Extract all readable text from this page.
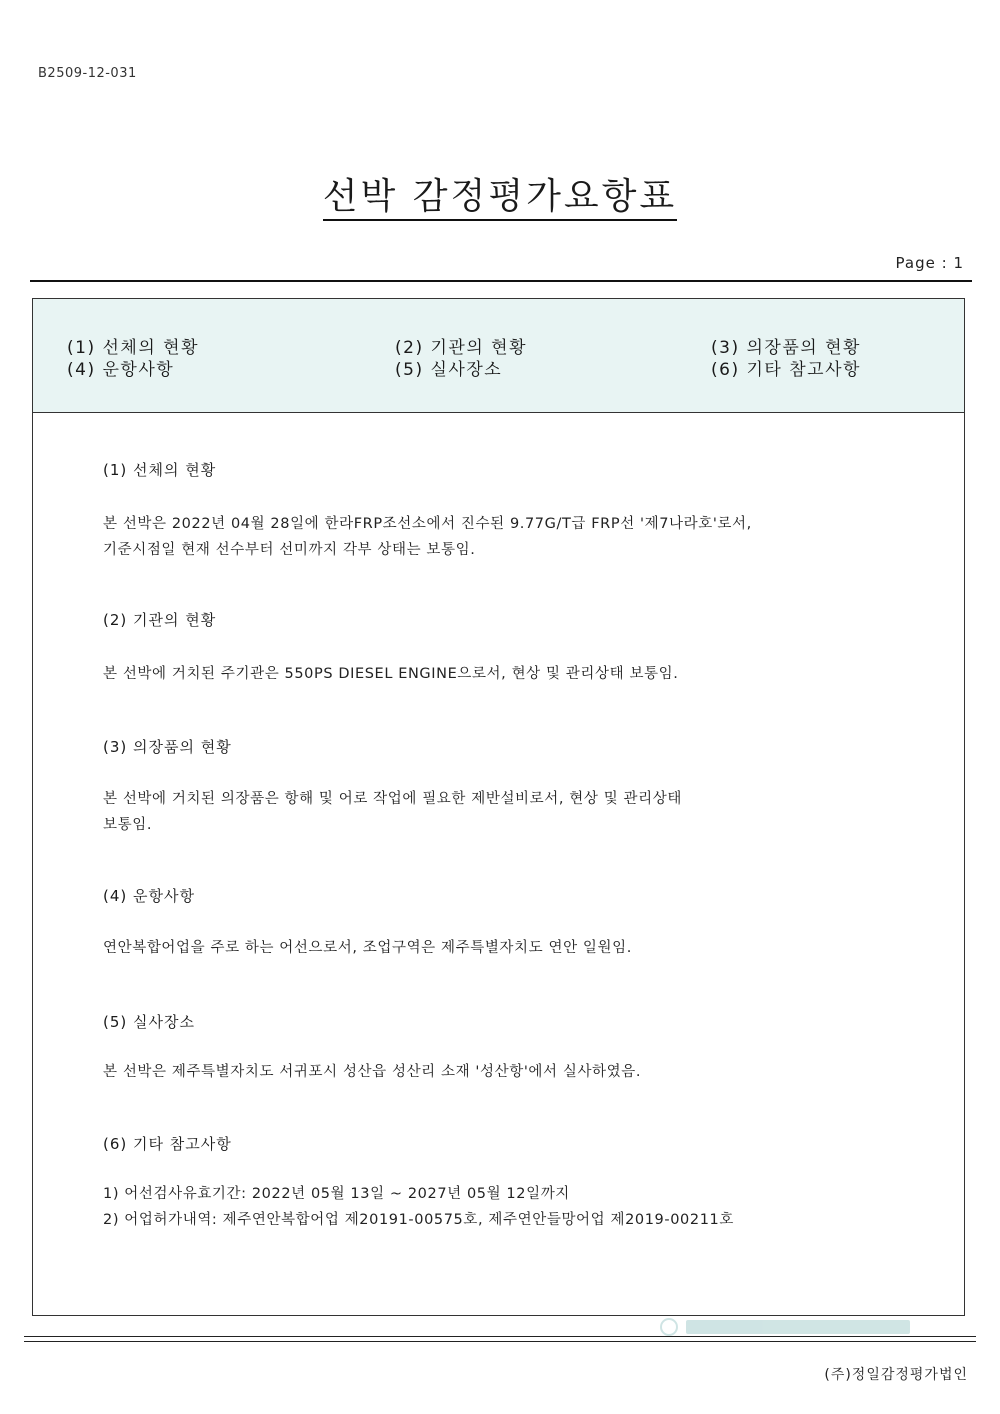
B2509-12-031
선박 감정평가요항표
Page : 1
(1) 선체의 현황	(2) 기관의 현황	(3) 의장품의 현황
(4) 운항사항	(5) 실사장소	(6) 기타 참고사항
(1) 선체의 현황
본 선박은 2022년 04월 28일에 한라FRP조선소에서 진수된 9.77G/T급 FRP선 '제7나라호'로서,
기준시점일 현재 선수부터 선미까지 각부 상태는 보통임.
(2) 기관의 현황
본 선박에 거치된 주기관은 550PS DIESEL ENGINE으로서, 현상 및 관리상태 보통임.
(3) 의장품의 현황
본 선박에 거치된 의장품은 항해 및 어로 작업에 필요한 제반설비로서, 현상 및 관리상태
보통임.
(4) 운항사항
연안복합어업을 주로 하는 어선으로서, 조업구역은 제주특별자치도 연안 일원임.
(5) 실사장소
본 선박은 제주특별자치도 서귀포시 성산읍 성산리 소재 '성산항'에서 실사하였음.
(6) 기타 참고사항
1) 어선검사유효기간: 2022년 05월 13일 ~ 2027년 05월 12일까지
2) 어업허가내역: 제주연안복합어업 제20191-00575호, 제주연안들망어업 제2019-00211호
(주)정일감정평가법인
